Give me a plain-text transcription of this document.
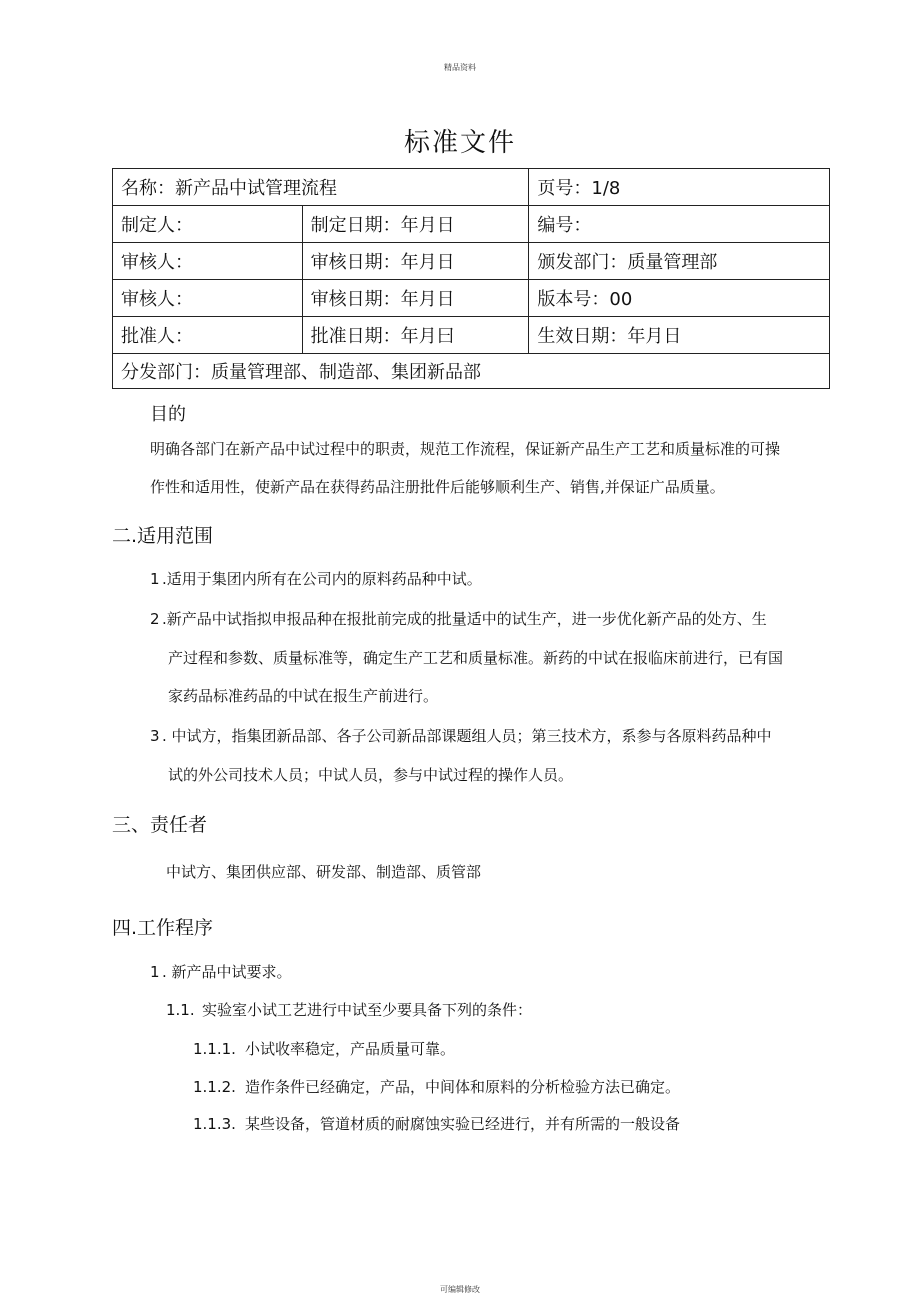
精品资料
标准文件
名称：新产品中试管理流程		页号：1/8
制定人：	制定日期：年月日	编号：
审核人：	审核日期：年月日	颁发部门：质量管理部
审核人：	审核日期：年月日	版本号：00
批准人：	批准日期：年月曰	生效日期：年月日
分发部门：质量管理部、制造部、集团新品部		
目的
明确各部门在新产品中试过程中的职责，规范工作流程，保证新产品生产工艺和质量标准的可操
作性和适用性，使新产品在获得药品注册批件后能够顺利生产、销售,并保证广品质量。
二.适用范围
1 .适用于集团内所有在公司内的原料药品种中试。
2 .新产品中试指拟申报品种在报批前完成的批量适中的试生产，进一步优化新产品的处方、生
产过程和参数、质量标准等，确定生产工艺和质量标准。新药的中试在报临床前进行，已有国
家药品标准药品的中试在报生产前进行。
3 . 中试方，指集团新品部、各子公司新品部课题组人员；第三技术方，系参与各原料药品种中
试的外公司技术人员；中试人员，参与中试过程的操作人员。
三、责任者
中试方、集团供应部、研发部、制造部、质管部
四.工作程序
1 . 新产品中试要求。
1.1. 实验室小试工艺进行中试至少要具备下列的条件：
1.1.1. 小试收率稳定，产品质量可靠。
1.1.2. 造作条件已经确定，产品，中间体和原料的分析检验方法已确定。
1.1.3. 某些设备，管道材质的耐腐蚀实验已经进行，并有所需的一般设备
可编辑修改
